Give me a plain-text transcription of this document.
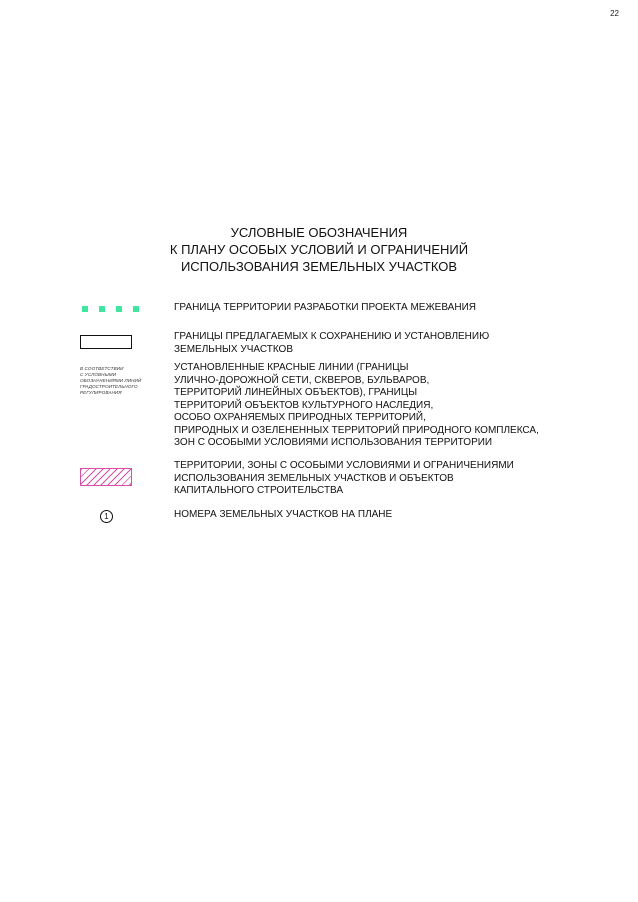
22
УСЛОВНЫЕ ОБОЗНАЧЕНИЯ
К ПЛАНУ ОСОБЫХ УСЛОВИЙ И ОГРАНИЧЕНИЙ
ИСПОЛЬЗОВАНИЯ ЗЕМЕЛЬНЫХ УЧАСТКОВ
ГРАНИЦА ТЕРРИТОРИИ РАЗРАБОТКИ ПРОЕКТА МЕЖЕВАНИЯ
ГРАНИЦЫ ПРЕДЛАГАЕМЫХ К СОХРАНЕНИЮ И УСТАНОВЛЕНИЮ
ЗЕМЕЛЬНЫХ УЧАСТКОВ
В СООТВЕТСТВИИ
С УСЛОВНЫМИ
ОБОЗНАЧЕНИЯМИ ЛИНИЙ
ГРАДОСТРОИТЕЛЬНОГО
РЕГУЛИРОВАНИЯ
УСТАНОВЛЕННЫЕ КРАСНЫЕ ЛИНИИ (ГРАНИЦЫ
УЛИЧНО-ДОРОЖНОЙ СЕТИ, СКВЕРОВ, БУЛЬВАРОВ,
ТЕРРИТОРИЙ ЛИНЕЙНЫХ ОБЪЕКТОВ), ГРАНИЦЫ
ТЕРРИТОРИЙ ОБЪЕКТОВ КУЛЬТУРНОГО НАСЛЕДИЯ,
ОСОБО ОХРАНЯЕМЫХ ПРИРОДНЫХ ТЕРРИТОРИЙ,
ПРИРОДНЫХ И ОЗЕЛЕНЕННЫХ ТЕРРИТОРИЙ ПРИРОДНОГО КОМПЛЕКСА,
ЗОН С ОСОБЫМИ УСЛОВИЯМИ ИСПОЛЬЗОВАНИЯ ТЕРРИТОРИИ
ТЕРРИТОРИИ, ЗОНЫ С ОСОБЫМИ УСЛОВИЯМИ И ОГРАНИЧЕНИЯМИ
ИСПОЛЬЗОВАНИЯ ЗЕМЕЛЬНЫХ УЧАСТКОВ И ОБЪЕКТОВ
КАПИТАЛЬНОГО СТРОИТЕЛЬСТВА
1	НОМЕРА ЗЕМЕЛЬНЫХ УЧАСТКОВ НА ПЛАНЕ
